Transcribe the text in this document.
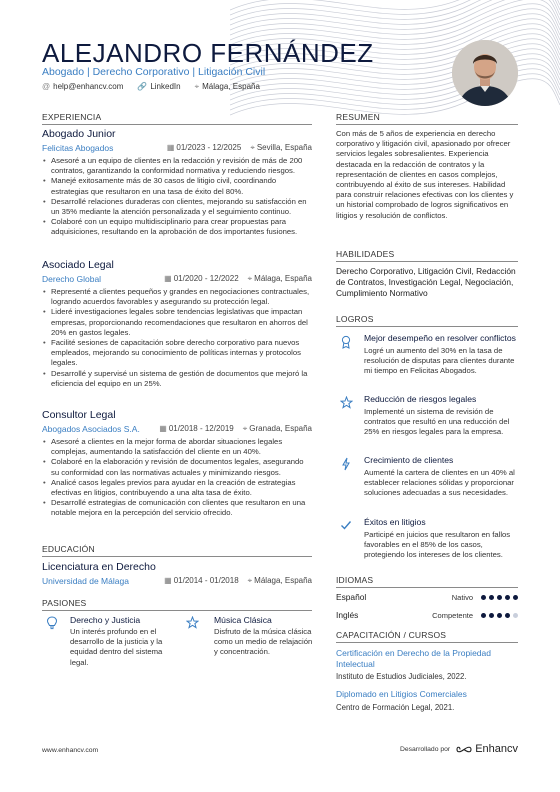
ALEJANDRO FERNÁNDEZ
Abogado | Derecho Corporativo | Litigación Civil
@ help@enhancv.com 🔗 LinkedIn ⌖ Málaga, España
EXPERIENCIA
Abogado Junior
Felicitas Abogados	▦ 01/2023 - 12/2025 ⌖ Sevilla, España
• Asesoré a un equipo de clientes en la redacción y revisión de más de 200 contratos, garantizando la conformidad normativa y reduciendo riesgos.
• Manejé exitosamente más de 30 casos de litigio civil, coordinando estrategias que resultaron en una tasa de éxito del 80%.
• Desarrollé relaciones duraderas con clientes, mejorando su satisfacción en un 35% mediante la atención personalizada y el seguimiento continuo.
• Colaboré con un equipo multidisciplinario para crear propuestas para adquisiciones, resultando en la aprobación de dos importantes fusiones.
Asociado Legal
Derecho Global	▦ 01/2020 - 12/2022 ⌖ Málaga, España
• Representé a clientes pequeños y grandes en negociaciones contractuales, logrando acuerdos favorables y asegurando su protección legal.
• Lideré investigaciones legales sobre tendencias legislativas que impactan empresas, proporcionando recomendaciones que resultaron en ahorros del 20% en gastos legales.
• Facilité sesiones de capacitación sobre derecho corporativo para nuevos empleados, mejorando su conocimiento de políticas internas y protocolos legales.
• Desarrollé y supervisé un sistema de gestión de documentos que mejoró la eficiencia del equipo en un 25%.
Consultor Legal
Abogados Asociados S.A. ▦ 01/2018 - 12/2019 ⌖ Granada, España
• Asesoré a clientes en la mejor forma de abordar situaciones legales complejas, aumentando la satisfacción del cliente en un 40%.
• Colaboré en la elaboración y revisión de documentos legales, asegurando su conformidad con las normativas actuales y minimizando riesgos.
• Analicé casos legales previos para ayudar en la creación de estrategias efectivas en litigios, contribuyendo a una alta tasa de éxito.
• Desarrollé estrategias de comunicación con clientes que resultaron en una notable mejora en la percepción del servicio ofrecido.
EDUCACIÓN
Licenciatura en Derecho
Universidad de Málaga	▦ 01/2014 - 01/2018 ⌖ Málaga, España
PASIONES
Derecho y Justicia
Un interés profundo en el desarrollo de la justicia y la equidad dentro del sistema legal.
Música Clásica
Disfruto de la música clásica como un medio de relajación y concentración.
RESUMEN
Con más de 5 años de experiencia en derecho corporativo y litigación civil, apasionado por ofrecer servicios legales sobresalientes. Experiencia destacada en la redacción de contratos y la representación de clientes en casos complejos, contribuyendo al éxito de sus intereses. Habilidad para construir relaciones efectivas con los clientes y un historial comprobado de logros significativos en litigios y resolución de conflictos.
HABILIDADES
Derecho Corporativo, Litigación Civil, Redacción de Contratos, Investigación Legal, Negociación, Cumplimiento Normativo
LOGROS
Mejor desempeño en resolver conflictos
Logré un aumento del 30% en la tasa de resolución de disputas para clientes durante mi tiempo en Felicitas Abogados.
Reducción de riesgos legales
Implementé un sistema de revisión de contratos que resultó en una reducción del 25% en riesgos legales para la empresa.
Crecimiento de clientes
Aumenté la cartera de clientes en un 40% al establecer relaciones sólidas y proporcionar soluciones adecuadas a sus necesidades.
Éxitos en litigios
Participé en juicios que resultaron en fallos favorables en el 85% de los casos, protegiendo los intereses de los clientes.
IDIOMAS
Español	Nativo
Inglés	Competente
CAPACITACIÓN / CURSOS
Certificación en Derecho de la Propiedad Intelectual
Instituto de Estudios Judiciales, 2022.
Diplomado en Litigios Comerciales
Centro de Formación Legal, 2021.
www.enhancv.com	Desarrollado por Enhancv
